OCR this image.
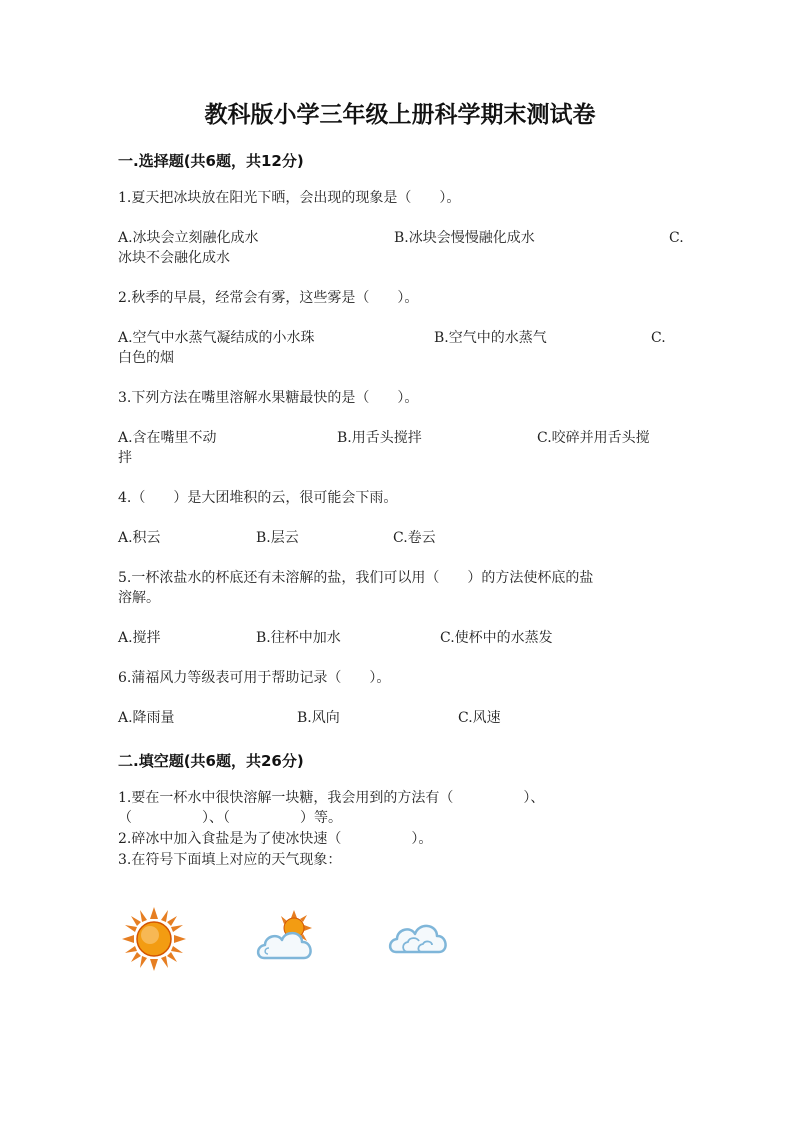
教科版小学三年级上册科学期末测试卷
一.选择题(共6题，共12分)
1.夏天把冰块放在阳光下晒，会出现的现象是（　　）。
A.冰块会立刻融化成水	B.冰块会慢慢融化成水	C.
冰块不会融化成水
2.秋季的早晨，经常会有雾，这些雾是（　　）。
A.空气中水蒸气凝结成的小水珠	B.空气中的水蒸气	C.
白色的烟
3.下列方法在嘴里溶解水果糖最快的是（　　）。
A.含在嘴里不动	B.用舌头搅拌	C.咬碎并用舌头搅
拌
4.（　　）是大团堆积的云，很可能会下雨。
A.积云	B.层云	C.卷云
5.一杯浓盐水的杯底还有未溶解的盐，我们可以用（　　）的方法使杯底的盐
溶解。
A.搅拌	B.往杯中加水	C.使杯中的水蒸发
6.蒲福风力等级表可用于帮助记录（　　）。
A.降雨量	B.风向	C.风速
二.填空题(共6题，共26分)
1.要在一杯水中很快溶解一块糖，我会用到的方法有（　　　　　）、
（　　　　　）、（　　　　　）等。
2.碎冰中加入食盐是为了使冰快速（　　　　　）。
3.在符号下面填上对应的天气现象：
